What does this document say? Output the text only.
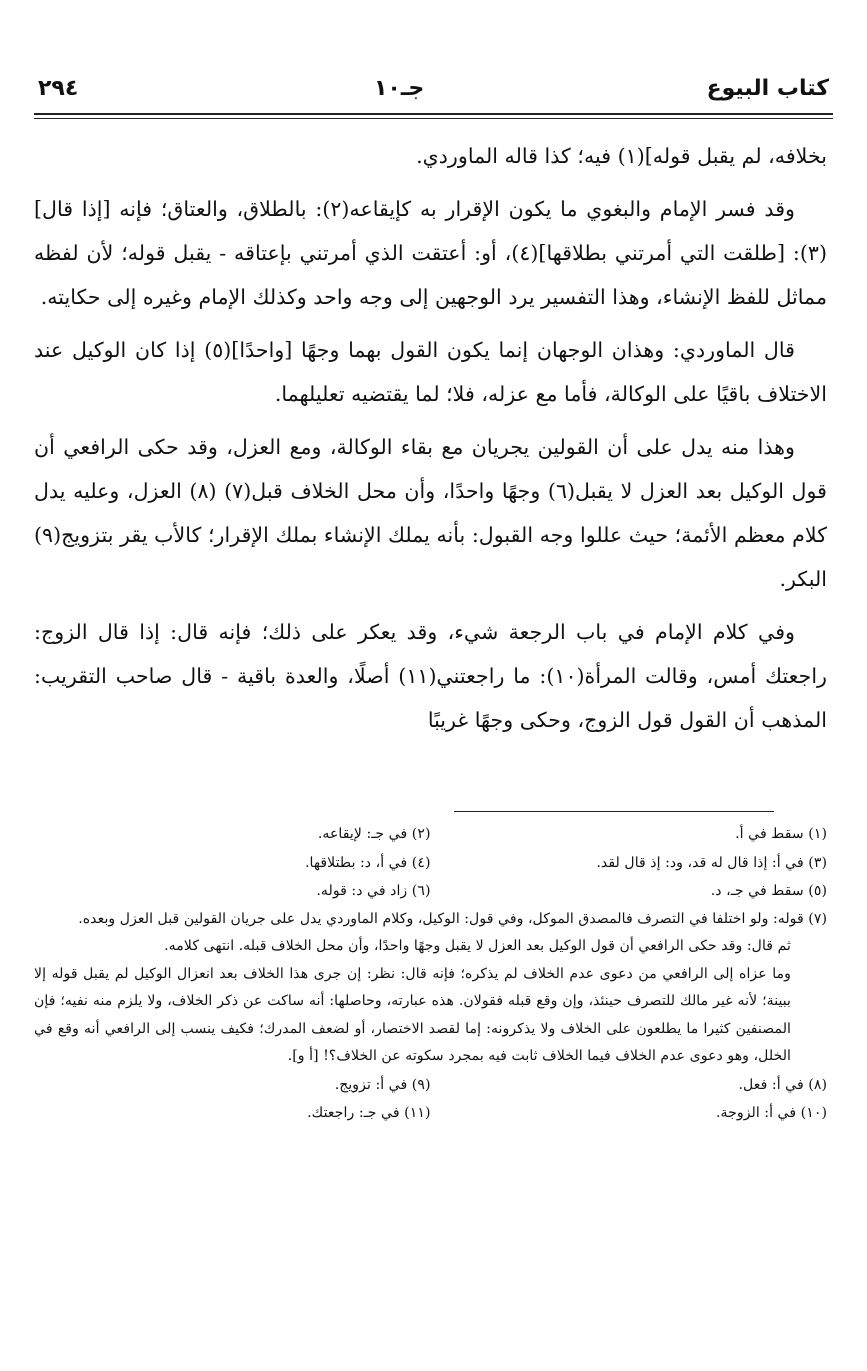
٢٩٤	جـ١٠	كتاب البيوع

بخلافه، لم يقبل قوله](١) فيه؛ كذا قاله الماوردي.

وقد فسر الإمام والبغوي ما يكون الإقرار به كإيقاعه(٢): بالطلاق، والعتاق؛ فإنه [إذا قال](٣): [طلقت التي أمرتني بطلاقها](٤)، أو: أعتقت الذي أمرتني بإعتاقه - يقبل قوله؛ لأن لفظه مماثل للفظ الإنشاء، وهذا التفسير يرد الوجهين إلى وجه واحد وكذلك الإمام وغيره إلى حكايته.

قال الماوردي: وهذان الوجهان إنما يكون القول بهما وجهًا [واحدًا](٥) إذا كان الوكيل عند الاختلاف باقيًا على الوكالة، فأما مع عزله، فلا؛ لما يقتضيه تعليلهما.

وهذا منه يدل على أن القولين يجريان مع بقاء الوكالة، ومع العزل، وقد حكى الرافعي أن قول الوكيل بعد العزل لا يقبل(٦) وجهًا واحدًا، وأن محل الخلاف قبل(٧) (٨) العزل، وعليه يدل كلام معظم الأئمة؛ حيث عللوا وجه القبول: بأنه يملك الإنشاء بملك الإقرار؛ كالأب يقر بتزويج(٩) البكر.

وفي كلام الإمام في باب الرجعة شيء، وقد يعكر على ذلك؛ فإنه قال: إذا قال الزوج: راجعتك أمس، وقالت المرأة(١٠): ما راجعتني(١١) أصلًا، والعدة باقية - قال صاحب التقريب: المذهب أن القول قول الزوج، وحكى وجهًا غريبًا

(١) سقط في أ.
(٢) في جـ: لإيقاعه.
(٣) في أ: إذا قال له قد، ود: إذ قال لقد.
(٤) في أ، د: بطتلاقها.
(٥) سقط في جـ، د.
(٦) زاد في د: قوله.
(٧) قوله: ولو اختلفا في التصرف فالمصدق الموكل، وفي قول: الوكيل، وكلام الماوردي يدل على جريان القولين قبل العزل وبعده.
ثم قال: وقد حكى الرافعي أن قول الوكيل بعد العزل لا يقبل وجهًا واحدًا، وأن محل الخلاف قبله. انتهى كلامه.
وما عزاه إلى الرافعي من دعوى عدم الخلاف لم يذكره؛ فإنه قال: نظر: إن جرى هذا الخلاف بعد انعزال الوكيل لم يقبل قوله إلا ببينة؛ لأنه غير مالك للتصرف حينئذ، وإن وقع قبله فقولان. هذه عبارته، وحاصلها: أنه ساكت عن ذكر الخلاف، ولا يلزم منه نفيه؛ فإن المصنفين كثيرا ما يطلعون على الخلاف ولا يذكرونه: إما لقصد الاختصار، أو لضعف المدرك؛ فكيف ينسب إلى الرافعي أنه وقع في الخلل، وهو دعوى عدم الخلاف فيما الخلاف ثابت فيه بمجرد سكوته عن الخلاف؟! [أ و].
(٨) في أ: فعل.
(٩) في أ: تزويج.
(١٠) في أ: الزوجة.
(١١) في جـ: راجعتك.
